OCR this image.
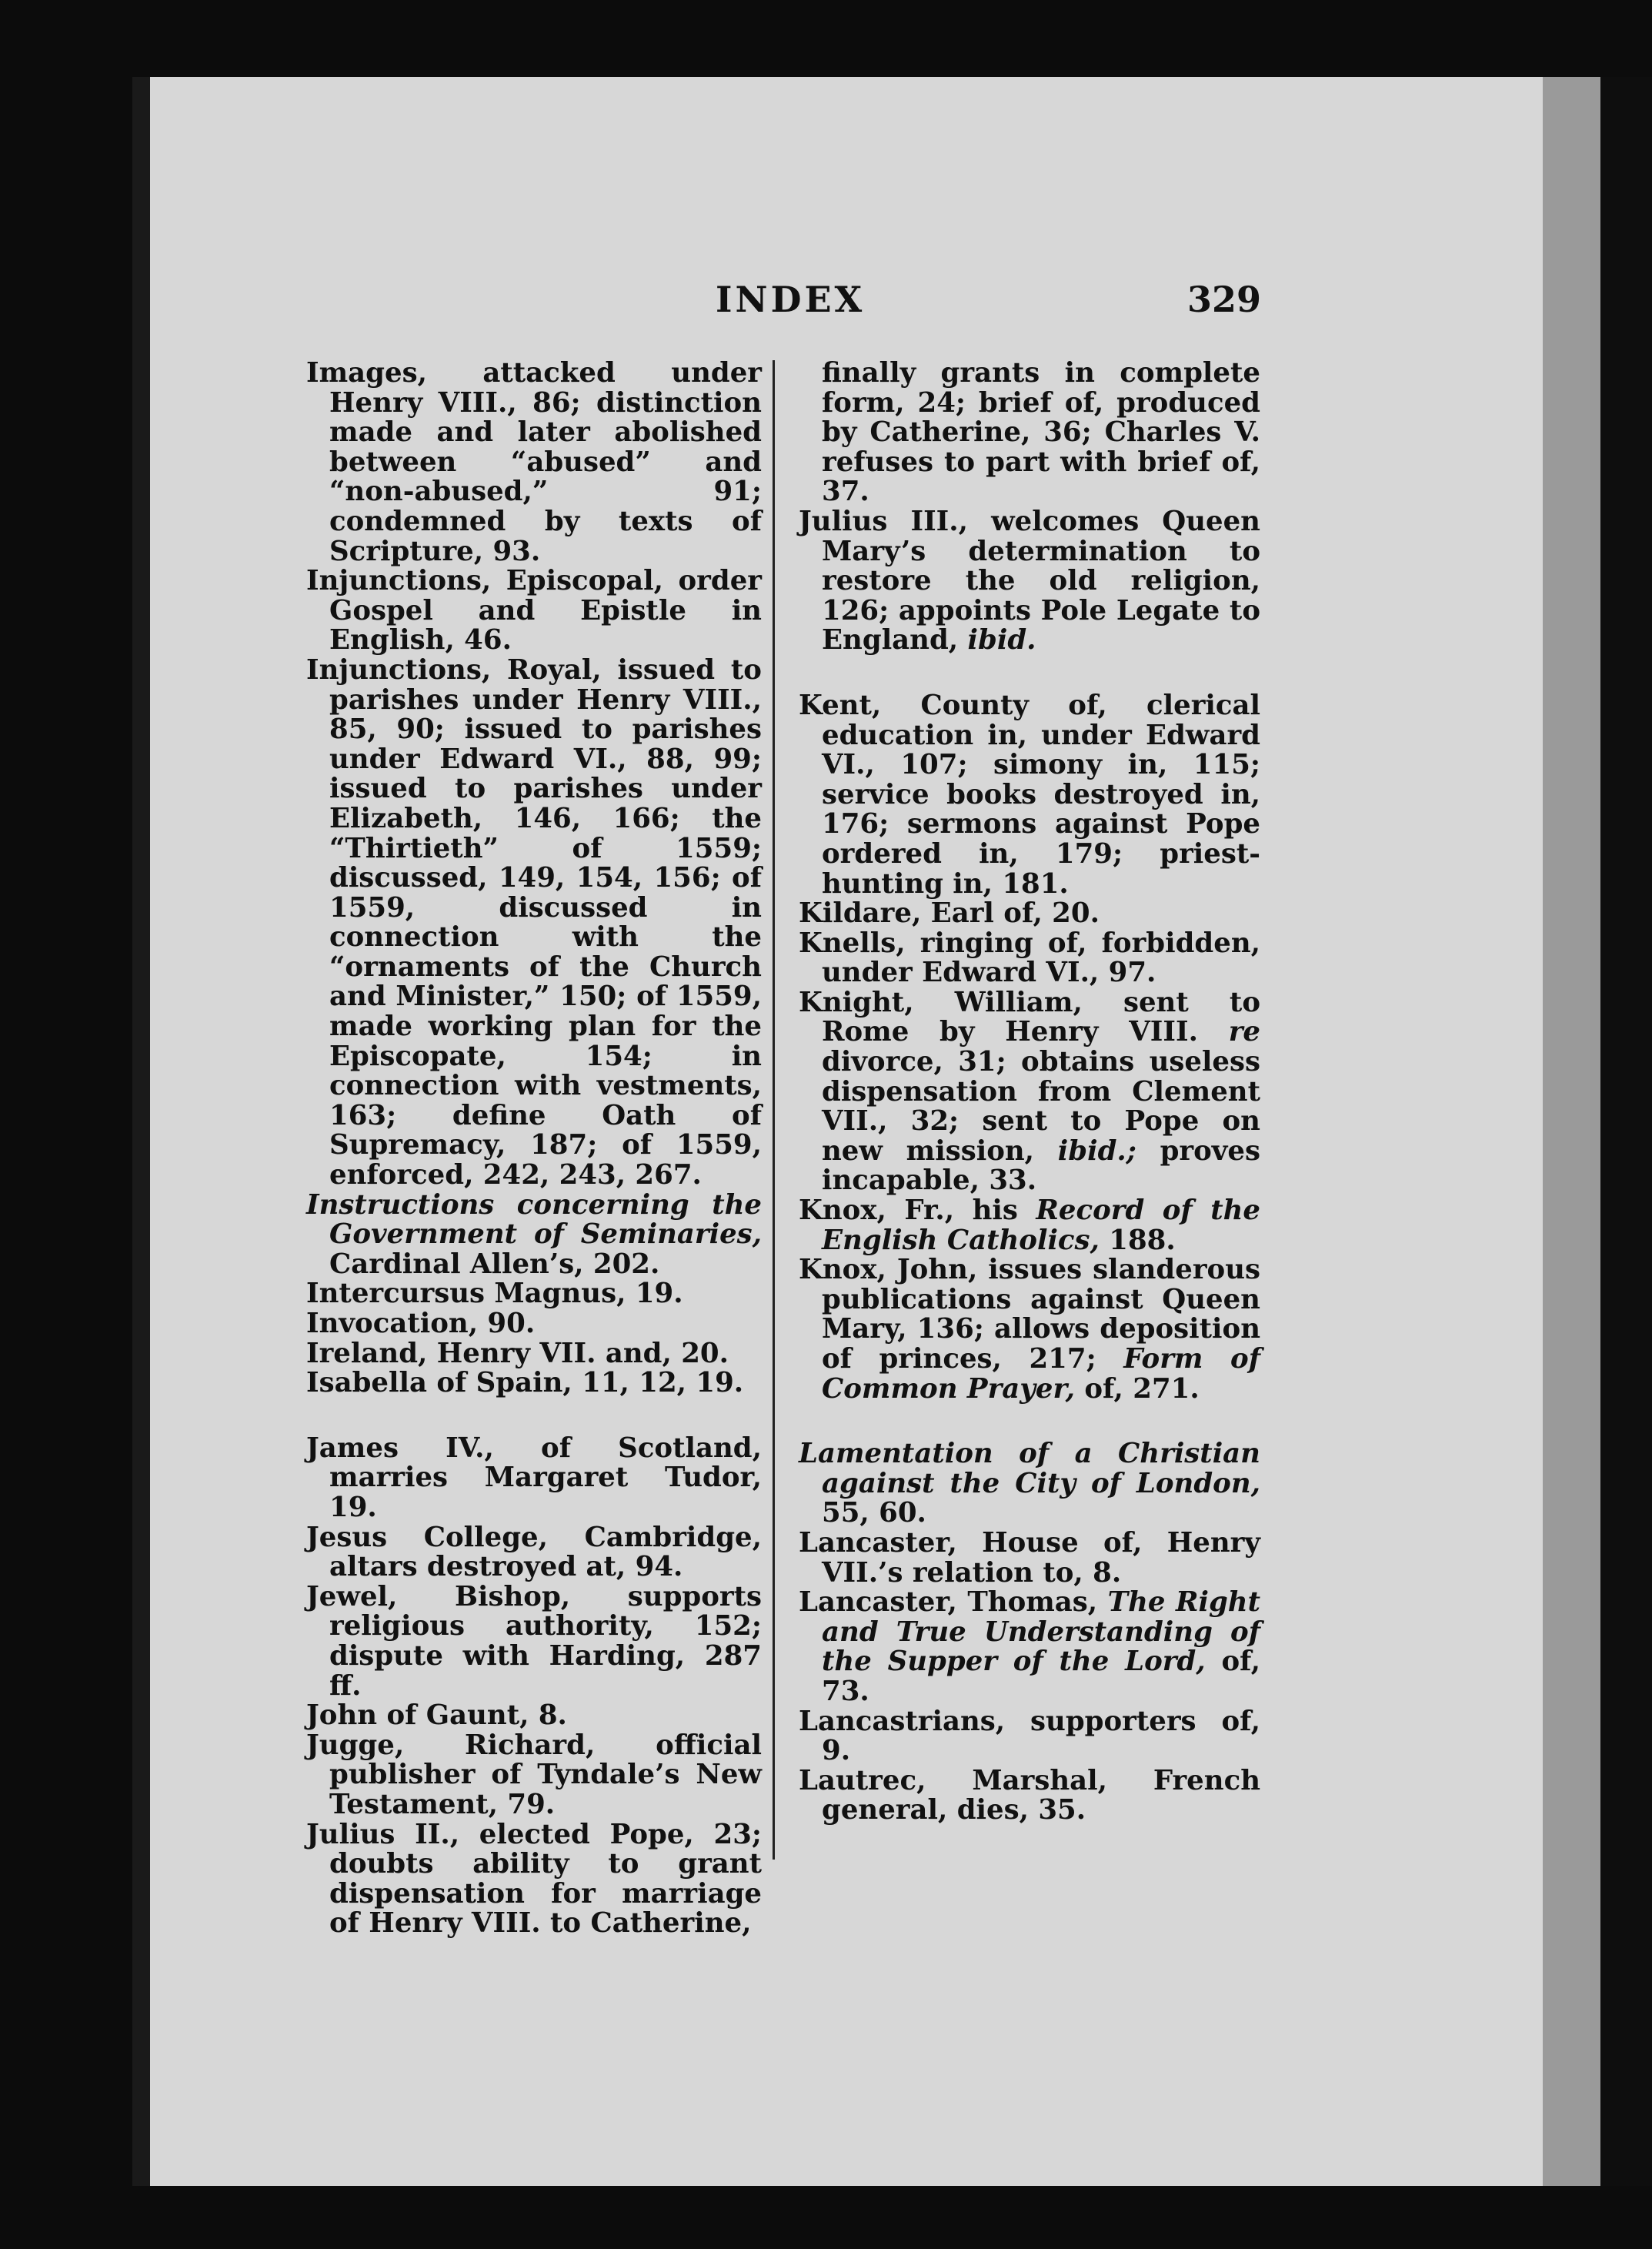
INDEX	329

Images, attacked under Henry VIII., 86; distinction made and later abolished between “abused” and “non-abused,” 91; condemned by texts of Scripture, 93.

Injunctions, Episcopal, order Gospel and Epistle in English, 46.

Injunctions, Royal, issued to parishes under Henry VIII., 85, 90; issued to parishes under Edward VI., 88, 99; issued to parishes under Elizabeth, 146, 166; the “Thirtieth” of 1559; discussed, 149, 154, 156; of 1559, discussed in connection with the “ornaments of the Church and Minister,” 150; of 1559, made working plan for the Episcopate, 154; in connection with vestments, 163; define Oath of Supremacy, 187; of 1559, enforced, 242, 243, 267.

Instructions concerning the Government of Seminaries, Cardinal Allen’s, 202.

Intercursus Magnus, 19.

Invocation, 90.

Ireland, Henry VII. and, 20.

Isabella of Spain, 11, 12, 19.

James IV., of Scotland, marries Margaret Tudor, 19.

Jesus College, Cambridge, altars destroyed at, 94.

Jewel, Bishop, supports religious authority, 152; dispute with Harding, 287 ff.

John of Gaunt, 8.

Jugge, Richard, official publisher of Tyndale’s New Testament, 79.

Julius II., elected Pope, 23; doubts ability to grant dispensation for marriage of Henry VIII. to Catherine,

finally grants in complete form, 24; brief of, produced by Catherine, 36; Charles V. refuses to part with brief of, 37.

Julius III., welcomes Queen Mary’s determination to restore the old religion, 126; appoints Pole Legate to England, ibid.

Kent, County of, clerical education in, under Edward VI., 107; simony in, 115; service books destroyed in, 176; sermons against Pope ordered in, 179; priest-hunting in, 181.

Kildare, Earl of, 20.

Knells, ringing of, forbidden, under Edward VI., 97.

Knight, William, sent to Rome by Henry VIII. re divorce, 31; obtains useless dispensation from Clement VII., 32; sent to Pope on new mission, ibid.; proves incapable, 33.

Knox, Fr., his Record of the English Catholics, 188.

Knox, John, issues slanderous publications against Queen Mary, 136; allows deposition of princes, 217; Form of Common Prayer, of, 271.

Lamentation of a Christian against the City of London, 55, 60.

Lancaster, House of, Henry VII.’s relation to, 8.

Lancaster, Thomas, The Right and True Understanding of the Supper of the Lord, of, 73.

Lancastrians, supporters of, 9.

Lautrec, Marshal, French general, dies, 35.
